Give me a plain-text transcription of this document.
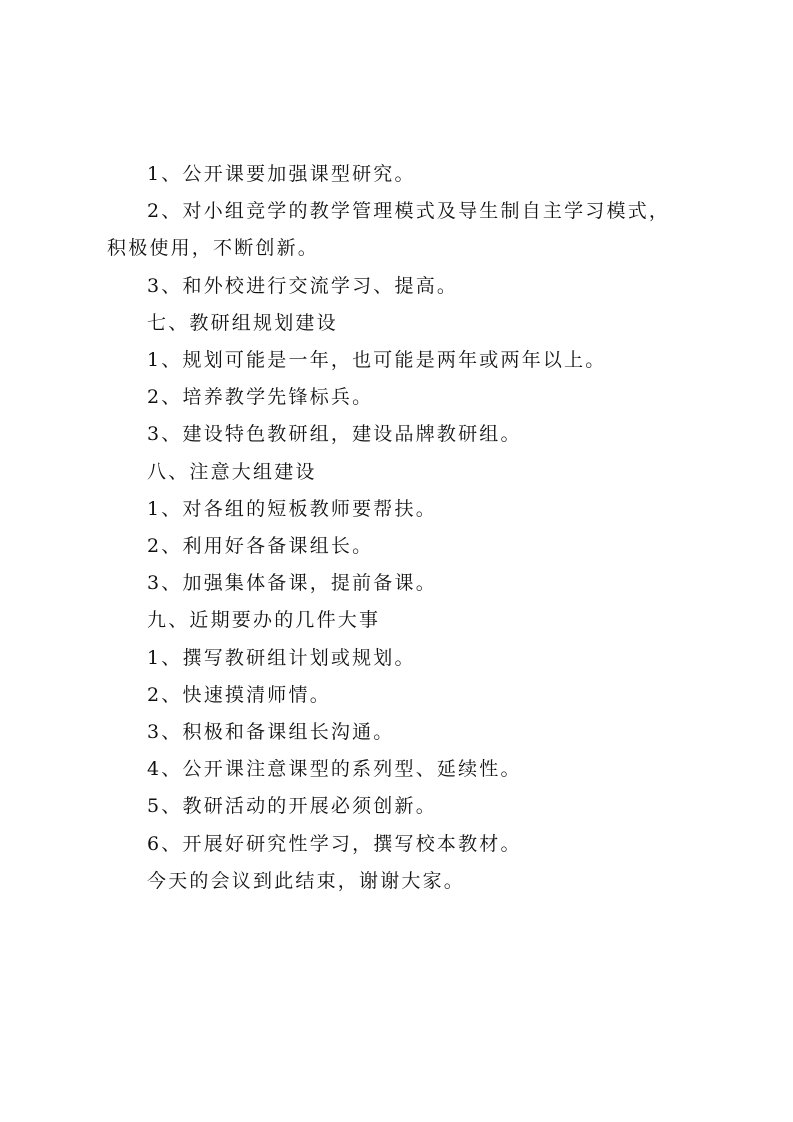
1、公开课要加强课型研究。

2、对小组竞学的教学管理模式及导生制自主学习模式，积极使用，不断创新。

3、和外校进行交流学习、提高。

七、教研组规划建设

1、规划可能是一年，也可能是两年或两年以上。

2、培养教学先锋标兵。

3、建设特色教研组，建设品牌教研组。

八、注意大组建设

1、对各组的短板教师要帮扶。

2、利用好各备课组长。

3、加强集体备课，提前备课。

九、近期要办的几件大事

1、撰写教研组计划或规划。

2、快速摸清师情。

3、积极和备课组长沟通。

4、公开课注意课型的系列型、延续性。

5、教研活动的开展必须创新。

6、开展好研究性学习，撰写校本教材。

今天的会议到此结束，谢谢大家。
